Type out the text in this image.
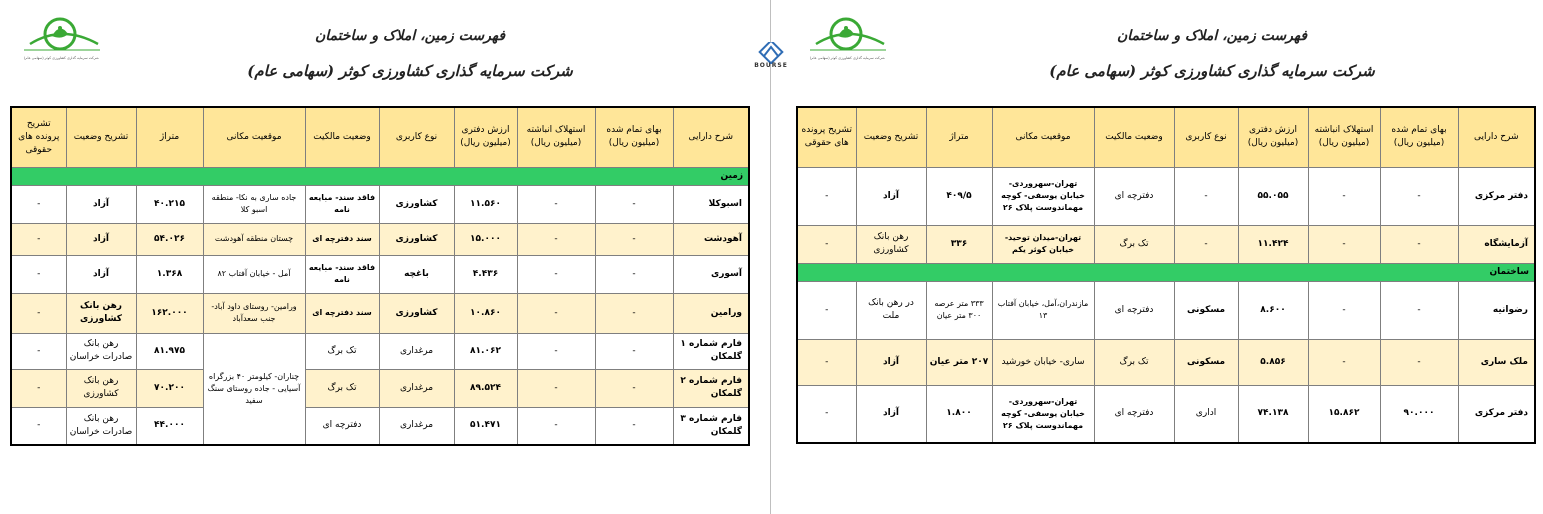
شرکت سرمایه گذاری کشاورزی کوثر (سهامی عام)
فهرست زمین، املاک و ساختمان
شرکت سرمایه گذاری کشاورزی کوثر (سهامی عام)
شرح دارایی	بهای تمام شده (میلیون ریال)	استهلاک انباشته (میلیون ریال)	ارزش دفتری (میلیون ریال)	نوع کاربری	وضعیت مالکیت	موقعیت مکانی	متراژ	تشریح وضعیت	تشریح پرونده های حقوقی
زمین									
اسبوکلا	-	-	۱۱.۵۶۰	کشاورزی	فاقد سند- مبایعه نامه	جاده ساری به نکا- منطقه اسبو کلا	۴۰.۲۱۵	آزاد	-
آهودشت	-	-	۱۵.۰۰۰	کشاورزی	سند دفترچه ای	چستان منطقه آهودشت	۵۴.۰۲۶	آزاد	-
آسوری	-	-	۴.۴۳۶	باغچه	فاقد سند- مبایعه نامه	آمل - خیابان آفتاب ۸۲	۱.۳۶۸	آزاد	-
ورامین	-	-	۱۰.۸۶۰	کشاورزی	سند دفترچه ای	ورامین- روستای داود آباد- جنب سعدآباد	۱۶۲.۰۰۰	رهن بانک کشاورزی	-
فارم شماره ۱ گلمکان	-	-	۸۱.۰۶۲	مرغداری	تک برگ	چناران- کیلومتر ۴۰ بزرگراه آسیایی - جاده روستای سنگ سفید	۸۱.۹۷۵	رهن بانک صادرات خراسان	-
فارم شماره ۲ گلمکان	-	-	۸۹.۵۲۴	مرغداری	تک برگ		۷۰.۲۰۰	رهن بانک کشاورزی	-
فارم شماره ۳ گلمکان	-	-	۵۱.۴۷۱	مرغداری	دفترچه ای		۴۴.۰۰۰	رهن بانک صادرات خراسان	-
BOURSE
شرکت سرمایه گذاری کشاورزی کوثر (سهامی عام)
فهرست زمین، املاک و ساختمان
شرکت سرمایه گذاری کشاورزی کوثر (سهامی عام)
شرح دارایی	بهای تمام شده (میلیون ریال)	استهلاک انباشته (میلیون ریال)	ارزش دفتری (میلیون ریال)	نوع کاربری	وضعیت مالکیت	موقعیت مکانی	متراژ	تشریح وضعیت	تشریح پرونده های حقوقی
دفتر مرکزی	-	-	۵۵.۰۵۵	-	دفترچه ای	تهران-سهروردی- خیابان یوسفی- کوچه مهماندوست پلاک ۲۶	۴۰۹/۵	آزاد	-
آزمایشگاه	-	-	۱۱.۴۲۴	-	تک برگ	تهران-میدان توحید- خیابان کوثر یکم	۳۳۶	رهن بانک کشاورزی	-
ساختمان									
رضوانیه	-	-	۸.۶۰۰	مسکونی	دفترچه ای	مازندران،آمل، خیابان آفتاب ۱۳	۳۳۳ متر عرصه ۳۰۰ متر عیان	در رهن بانک ملت	-
ملک ساری	-	-	۵.۸۵۶	مسکونی	تک برگ	ساری- خیابان خورشید	۲۰۷ متر عیان	آزاد	-
دفتر مرکزی	۹۰.۰۰۰	۱۵.۸۶۲	۷۴.۱۳۸	اداری	دفترچه ای	تهران-سهروردی- خیابان یوسفی- کوچه مهماندوست پلاک ۲۶	۱.۸۰۰	آزاد	-
